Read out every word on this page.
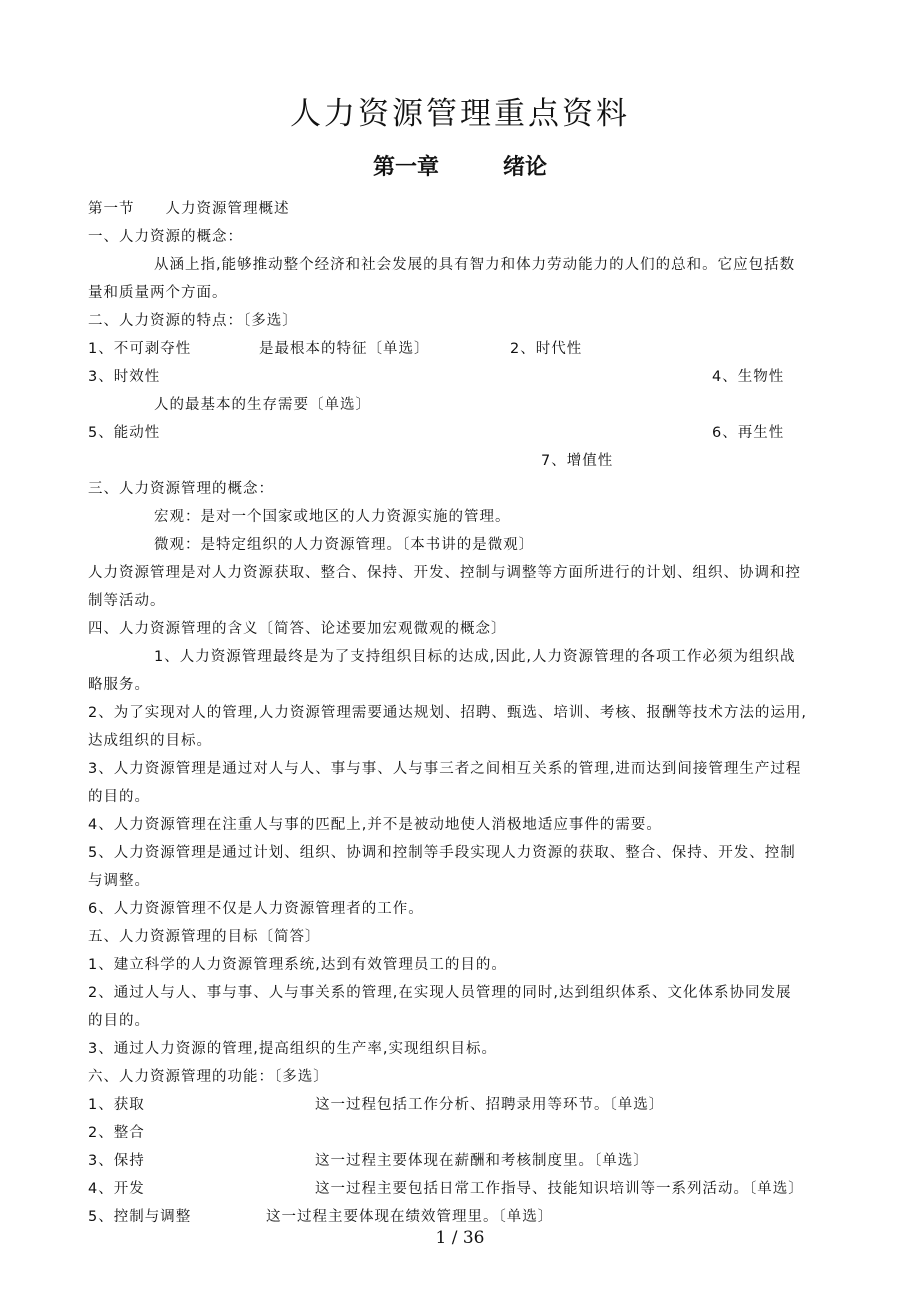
人力资源管理重点资料
第一章	绪论

第一节　　人力资源管理概述

一、人力资源的概念：

从涵上指,能够推动整个经济和社会发展的具有智力和体力劳动能力的人们的总和。它应包括数

量和质量两个方面。

二、人力资源的特点：〔多选〕

1、不可剥夺性	是最根本的特征〔单选〕	2、时代性

3、时效性	4、生物性

人的最基本的生存需要〔单选〕

5、能动性	6、再生性

7、增值性

三、人力资源管理的概念：

宏观：是对一个国家或地区的人力资源实施的管理。

微观：是特定组织的人力资源管理。〔本书讲的是微观〕

人力资源管理是对人力资源获取、整合、保持、开发、控制与调整等方面所进行的计划、组织、协调和控

制等活动。

四、人力资源管理的含义〔简答、论述要加宏观微观的概念〕

1、人力资源管理最终是为了支持组织目标的达成,因此,人力资源管理的各项工作必须为组织战

略服务。

2、为了实现对人的管理,人力资源管理需要通达规划、招聘、甄选、培训、考核、报酬等技术方法的运用,

达成组织的目标。

3、人力资源管理是通过对人与人、事与事、人与事三者之间相互关系的管理,进而达到间接管理生产过程

的目的。

4、人力资源管理在注重人与事的匹配上,并不是被动地使人消极地适应事件的需要。

5、人力资源管理是通过计划、组织、协调和控制等手段实现人力资源的获取、整合、保持、开发、控制

与调整。

6、人力资源管理不仅是人力资源管理者的工作。

五、人力资源管理的目标〔简答〕

1、建立科学的人力资源管理系统,达到有效管理员工的目的。

2、通过人与人、事与事、人与事关系的管理,在实现人员管理的同时,达到组织体系、文化体系协同发展

的目的。

3、通过人力资源的管理,提高组织的生产率,实现组织目标。

六、人力资源管理的功能：〔多选〕

1、获取	这一过程包括工作分析、招聘录用等环节。〔单选〕

2、整合

3、保持	这一过程主要体现在薪酬和考核制度里。〔单选〕

4、开发	这一过程主要包括日常工作指导、技能知识培训等一系列活动。〔单选〕

5、控制与调整	这一过程主要体现在绩效管理里。〔单选〕

1 / 36
